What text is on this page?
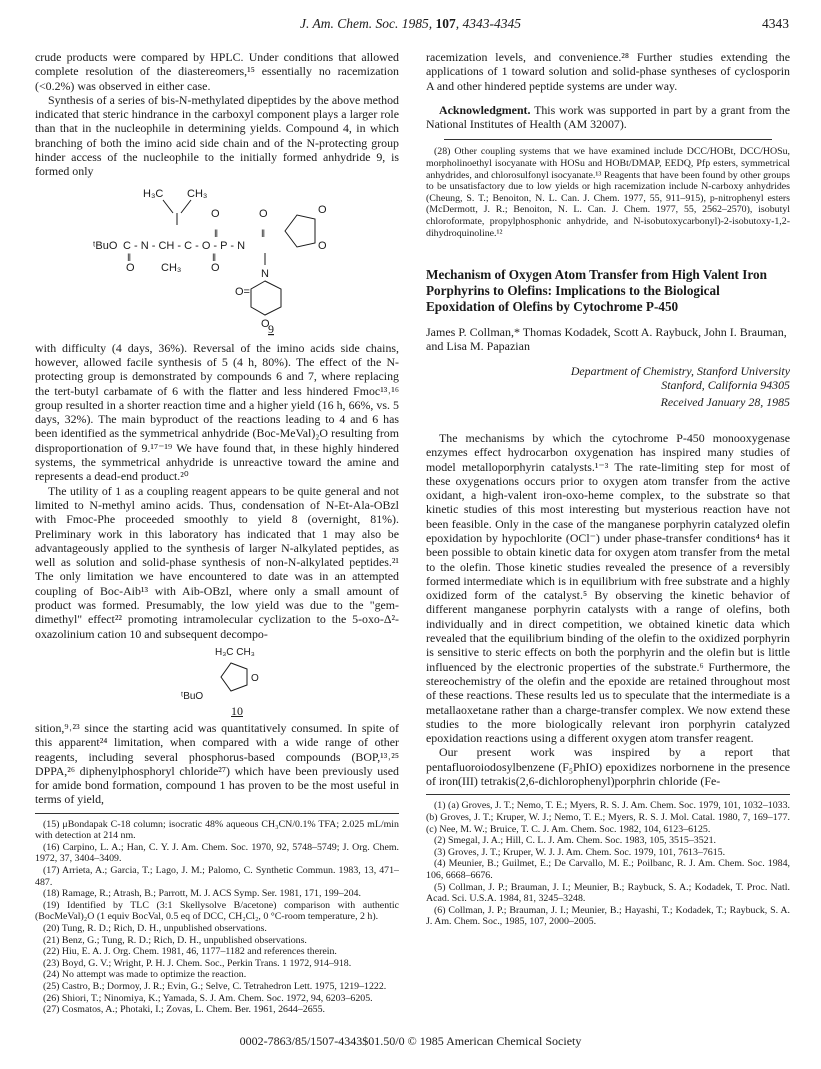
J. Am. Chem. Soc. 1985, 107, 4343-4345	4343

crude products were compared by HPLC. Under conditions that allowed complete resolution of the diastereomers,¹⁵ essentially no racemization (<0.2%) was observed in either case.

Synthesis of a series of bis-N-methylated dipeptides by the above method indicated that steric hindrance in the carboxyl component plays a larger role than that in the nucleophile in determining yields. Compound 4, in which branching of both the imino acid side chain and of the N-protecting group hinder access of the nucleophile to the initially formed anhydride 9, is formed only

H₃C CH₃
O
‖
O
‖
O
O
ᵗBuO C - N - CH - C - O - P - N
‖
O CH₃
‖
O	N
O=
O
9

with difficulty (4 days, 36%). Reversal of the imino acids side chains, however, allowed facile synthesis of 5 (4 h, 80%). The effect of the N-protecting group is demonstrated by compounds 6 and 7, where replacing the tert-butyl carbamate of 6 with the flatter and less hindered Fmoc¹³˒¹⁶ group resulted in a shorter reaction time and a higher yield (16 h, 66%, vs. 5 days, 32%). The main byproduct of the reactions leading to 4 and 6 has been identified as the symmetrical anhydride (Boc-MeVal)₂O resulting from disproportionation of 9.¹⁷⁻¹⁹ We have found that, in these highly hindered systems, the symmetrical anhydride is unreactive toward the amine and represents a dead-end product.²⁰

The utility of 1 as a coupling reagent appears to be quite general and not limited to N-methyl amino acids. Thus, condensation of N-Et-Ala-OBzl with Fmoc-Phe proceeded smoothly to yield 8 (overnight, 81%). Preliminary work in this laboratory has indicated that 1 may also be advantageously applied to the synthesis of larger N-alkylated peptides, as well as solution and solid-phase synthesis of non-N-alkylated peptides.²¹ The only limitation we have encountered to date was in an attempted coupling of Boc-Aib¹³ with Aib-OBzl, where only a small amount of product was formed. Presumably, the low yield was due to the "gem-dimethyl" effect²² promoting intramolecular cyclization to the 5-oxo-Δ²-oxazolinium cation 10 and subsequent decompo-

H₃C CH₃
O
ᵗBuO
10

sition,⁹˒²³ since the starting acid was quantitatively consumed. In spite of this apparent²⁴ limitation, when compared with a wide range of other reagents, including several phosphorus-based compounds (BOP,¹³˒²⁵ DPPA,²⁶ diphenylphosphoryl chloride²⁷) which have been previously used for amide bond formation, compound 1 has proven to be the most useful in terms of yield,

(15) μBondapak C-18 column; isocratic 48% aqueous CH₃CN/0.1% TFA; 2.025 mL/min with detection at 214 nm.

(16) Carpino, L. A.; Han, C. Y. J. Am. Chem. Soc. 1970, 92, 5748–5749; J. Org. Chem. 1972, 37, 3404–3409.

(17) Arrieta, A.; Garcia, T.; Lago, J. M.; Palomo, C. Synthetic Commun. 1983, 13, 471–487.

(18) Ramage, R.; Atrash, B.; Parrott, M. J. ACS Symp. Ser. 1981, 171, 199–204.

(19) Identified by TLC (3:1 Skellysolve B/acetone) comparison with authentic (BocMeVal)₂O (1 equiv BocVal, 0.5 eq of DCC, CH₂Cl₂, 0 °C-room temperature, 2 h).

(20) Tung, R. D.; Rich, D. H., unpublished observations.

(21) Benz, G.; Tung, R. D.; Rich, D. H., unpublished observations.

(22) Hiu, E. A. J. Org. Chem. 1981, 46, 1177–1182 and references therein.

(23) Boyd, G. V.; Wright, P. H. J. Chem. Soc., Perkin Trans. 1 1972, 914–918.

(24) No attempt was made to optimize the reaction.

(25) Castro, B.; Dormoy, J. R.; Evin, G.; Selve, C. Tetrahedron Lett. 1975, 1219–1222.

(26) Shiori, T.; Ninomiya, K.; Yamada, S. J. Am. Chem. Soc. 1972, 94, 6203–6205.

(27) Cosmatos, A.; Photaki, I.; Zovas, L. Chem. Ber. 1961, 2644–2655.

racemization levels, and convenience.²⁸ Further studies extending the applications of 1 toward solution and solid-phase syntheses of cyclosporin A and other hindered peptide systems are under way.

Acknowledgment. This work was supported in part by a grant from the National Institutes of Health (AM 32007).

(28) Other coupling systems that we have examined include DCC/HOBt, DCC/HOSu, morpholinoethyl isocyanate with HOSu and HOBt/DMAP, EEDQ, Pfp esters, symmetrical anhydrides, and chlorosulfonyl isocyanate.¹³ Reagents that have been found by other groups to be unsatisfactory due to low yields or high racemization include N-carboxy anhydrides (Cheung, S. T.; Benoiton, N. L. Can. J. Chem. 1977, 55, 911–915), p-nitrophenyl esters (McDermott, J. R.; Benoiton, N. L. Can. J. Chem. 1977, 55, 2562–2570), isobutyl chloroformate, propylphosphonic anhydride, and N-isobutoxycarbonyl)-2-isobutoxy-1,2-dihydroquinoline.¹²

Mechanism of Oxygen Atom Transfer from High Valent Iron Porphyrins to Olefins: Implications to the Biological Epoxidation of Olefins by Cytochrome P-450
James P. Collman,* Thomas Kodadek, Scott A. Raybuck, John I. Brauman, and Lisa M. Papazian
Department of Chemistry, Stanford University
Stanford, California 94305
Received January 28, 1985

The mechanisms by which the cytochrome P-450 monooxygenase enzymes effect hydrocarbon oxygenation has inspired many studies of model metalloporphyrin catalysts.¹⁻³ The rate-limiting step for most of these oxygenations occurs prior to oxygen atom transfer from the active oxidant, a high-valent iron-oxo-heme complex, to the substrate so that kinetic studies of this most interesting but mysterious reaction have not been feasible. Only in the case of the manganese porphyrin catalyzed olefin epoxidation by hypochlorite (OCl⁻) under phase-transfer conditions⁴ has it been possible to obtain kinetic data for oxygen atom transfer from the metal to the olefin. Those kinetic studies revealed the presence of a reversibly formed intermediate which is in equilibrium with free substrate and a highly oxidized form of the catalyst.⁵ By observing the kinetic behavior of different manganese porphyrin catalysts with a range of olefins, both individually and in direct competition, we obtained kinetic data which revealed that the equilibrium binding of the olefin to the oxidized porphyrin is sensitive to steric effects on both the porphyrin and the olefin but is little influenced by the electronic properties of the substrate.⁶ Furthermore, the stereochemistry of the olefin and the epoxide are retained throughout most of these reactions. These results led us to speculate that the intermediate is a metallaoxetane rather than a charge-transfer complex. We now extend these studies to the more biologically relevant iron porphyrin catalyzed epoxidation reactions using a different oxygen atom transfer reagent.

Our present work was inspired by a report that pentafluoroiodosylbenzene (F₅PhIO) epoxidizes norbornene in the presence of iron(III) tetrakis(2,6-dichlorophenyl)porphrin chloride (Fe-

(1) (a) Groves, J. T.; Nemo, T. E.; Myers, R. S. J. Am. Chem. Soc. 1979, 101, 1032–1033. (b) Groves, J. T.; Kruper, W. J.; Nemo, T. E.; Myers, R. S. J. Mol. Catal. 1980, 7, 169–177. (c) Nee, M. W.; Bruice, T. C. J. Am. Chem. Soc. 1982, 104, 6123–6125.

(2) Smegal, J. A.; Hill, C. L. J. Am. Chem. Soc. 1983, 105, 3515–3521.

(3) Groves, J. T.; Kruper, W. J. J. Am. Chem. Soc. 1979, 101, 7613–7615.

(4) Meunier, B.; Guilmet, E.; De Carvallo, M. E.; Poilbanc, R. J. Am. Chem. Soc. 1984, 106, 6668–6676.

(5) Collman, J. P.; Brauman, J. I.; Meunier, B.; Raybuck, S. A.; Kodadek, T. Proc. Natl. Acad. Sci. U.S.A. 1984, 81, 3245–3248.

(6) Collman, J. P.; Brauman, J. I.; Meunier, B.; Hayashi, T.; Kodadek, T.; Raybuck, S. A. J. Am. Chem. Soc., 1985, 107, 2000–2005.

0002-7863/85/1507-4343$01.50/0 © 1985 American Chemical Society
